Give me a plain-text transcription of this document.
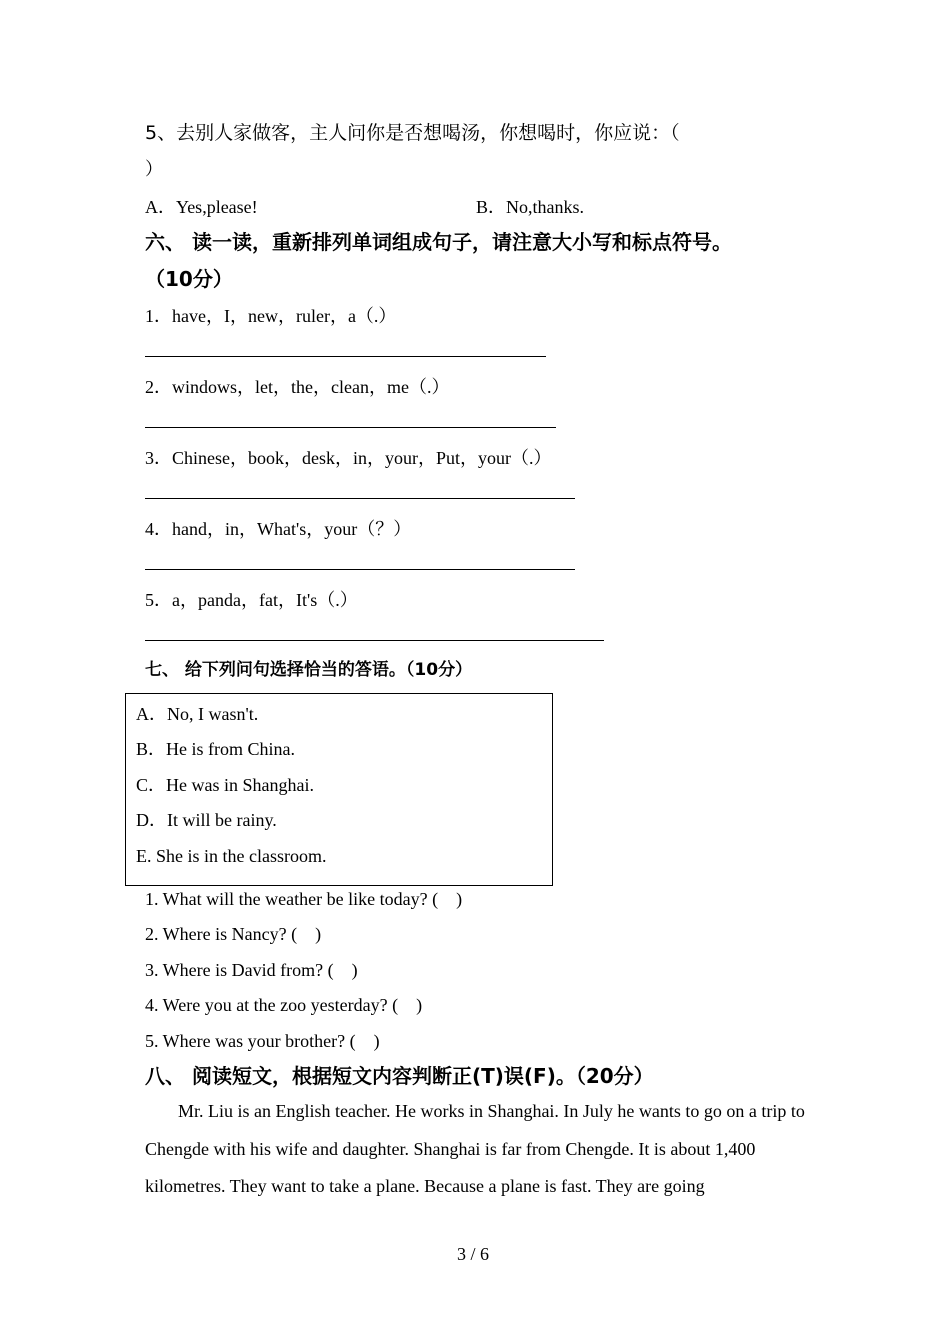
5、去别人家做客，主人问你是否想喝汤，你想喝时，你应说：（
）
A．Yes,please!	B．No,thanks.
六、 读一读，重新排列单词组成句子，请注意大小写和标点符号。
（10分）
1．have，I，new，ruler，a（.）
2．windows，let，the，clean，me（.）
3．Chinese，book，desk，in，your，Put，your（.）
4．hand，in，What's，your（？）
5．a，panda，fat，It's（.）
七、 给下列问句选择恰当的答语。（10分）
A．No, I wasn't.
B．He is from China.
C．He was in Shanghai.
D．It will be rainy.
E. She is in the classroom.
1. What will the weather be like today? (    )
2. Where is Nancy? (    )
3. Where is David from? (    )
4. Were you at the zoo yesterday? (    )
5. Where was your brother? (    )
八、 阅读短文，根据短文内容判断正(T)误(F)。（20分）
Mr. Liu is an English teacher. He works in Shanghai. In July he wants to go on a trip to Chengde with his wife and daughter. Shanghai is far from Chengde. It is about 1,400 kilometres. They want to take a plane. Because a plane is fast. They are going
3 / 6
